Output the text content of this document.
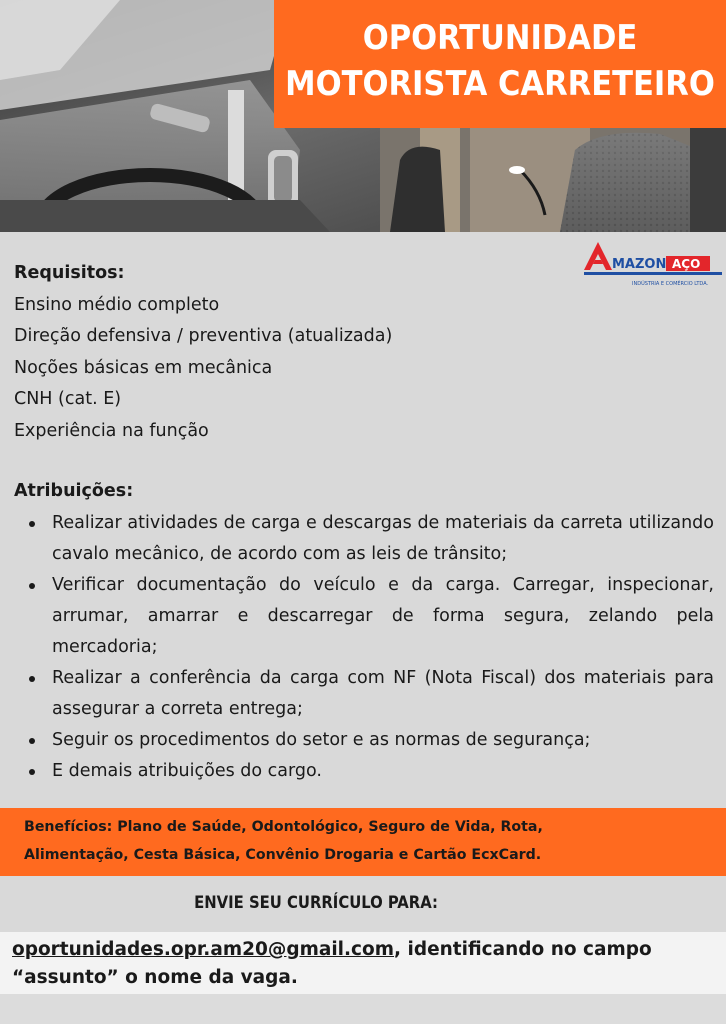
OPORTUNIDADE
MOTORISTA CARRETEIRO
MAZON AÇO
INDÚSTRIA E COMÉRCIO LTDA.
Requisitos:
Ensino médio completo
Direção defensiva / preventiva (atualizada)
Noções básicas em mecânica
CNH (cat. E)
Experiência na função
Atribuições:
Realizar atividades de carga e descargas de materiais da carreta utilizando cavalo mecânico, de acordo com as leis de trânsito;
Verificar documentação do veículo e da carga. Carregar, inspecionar, arrumar, amarrar e descarregar de forma segura, zelando pela mercadoria;
Realizar a conferência da carga com NF (Nota Fiscal) dos materiais para assegurar a correta entrega;
Seguir os procedimentos do setor e as normas de segurança;
E demais atribuições do cargo.
Benefícios: Plano de Saúde, Odontológico, Seguro de Vida, Rota,
Alimentação, Cesta Básica, Convênio Drogaria e Cartão EcxCard.
ENVIE SEU CURRÍCULO PARA:
oportunidades.opr.am20@gmail.com, identificando no campo
“assunto” o nome da vaga.
